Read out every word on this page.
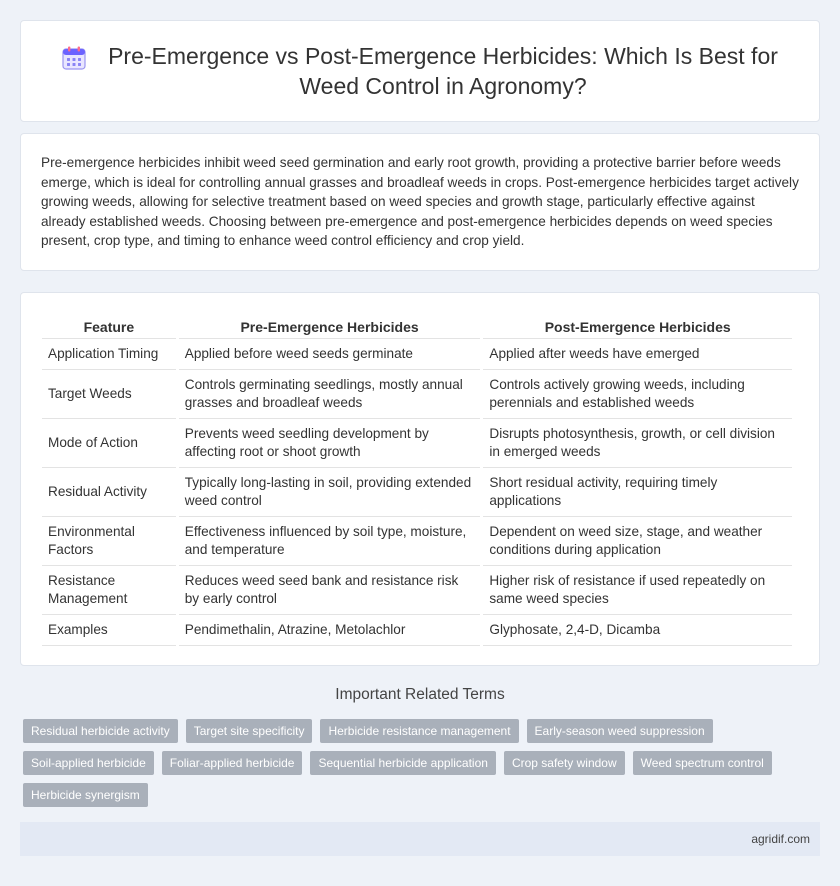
Pre-Emergence vs Post-Emergence Herbicides: Which Is Best for Weed Control in Agronomy?

Pre-emergence herbicides inhibit weed seed germination and early root growth, providing a protective barrier before weeds emerge, which is ideal for controlling annual grasses and broadleaf weeds in crops. Post-emergence herbicides target actively growing weeds, allowing for selective treatment based on weed species and growth stage, particularly effective against already established weeds. Choosing between pre-emergence and post-emergence herbicides depends on weed species present, crop type, and timing to enhance weed control efficiency and crop yield.

Feature	Pre-Emergence Herbicides	Post-Emergence Herbicides
Application Timing	Applied before weed seeds germinate	Applied after weeds have emerged
Target Weeds	Controls germinating seedlings, mostly annual grasses and broadleaf weeds	Controls actively growing weeds, including perennials and established weeds
Mode of Action	Prevents weed seedling development by affecting root or shoot growth	Disrupts photosynthesis, growth, or cell division in emerged weeds
Residual Activity	Typically long-lasting in soil, providing extended weed control	Short residual activity, requiring timely applications
Environmental Factors	Effectiveness influenced by soil type, moisture, and temperature	Dependent on weed size, stage, and weather conditions during application
Resistance Management	Reduces weed seed bank and resistance risk by early control	Higher risk of resistance if used repeatedly on same weed species
Examples	Pendimethalin, Atrazine, Metolachlor	Glyphosate, 2,4-D, Dicamba
Important Related Terms
Residual herbicide activity	Target site specificity	Herbicide resistance management	Early-season weed suppression
Soil-applied herbicide	Foliar-applied herbicide	Sequential herbicide application	Crop safety window	Weed spectrum control
Herbicide synergism
agridif.com
